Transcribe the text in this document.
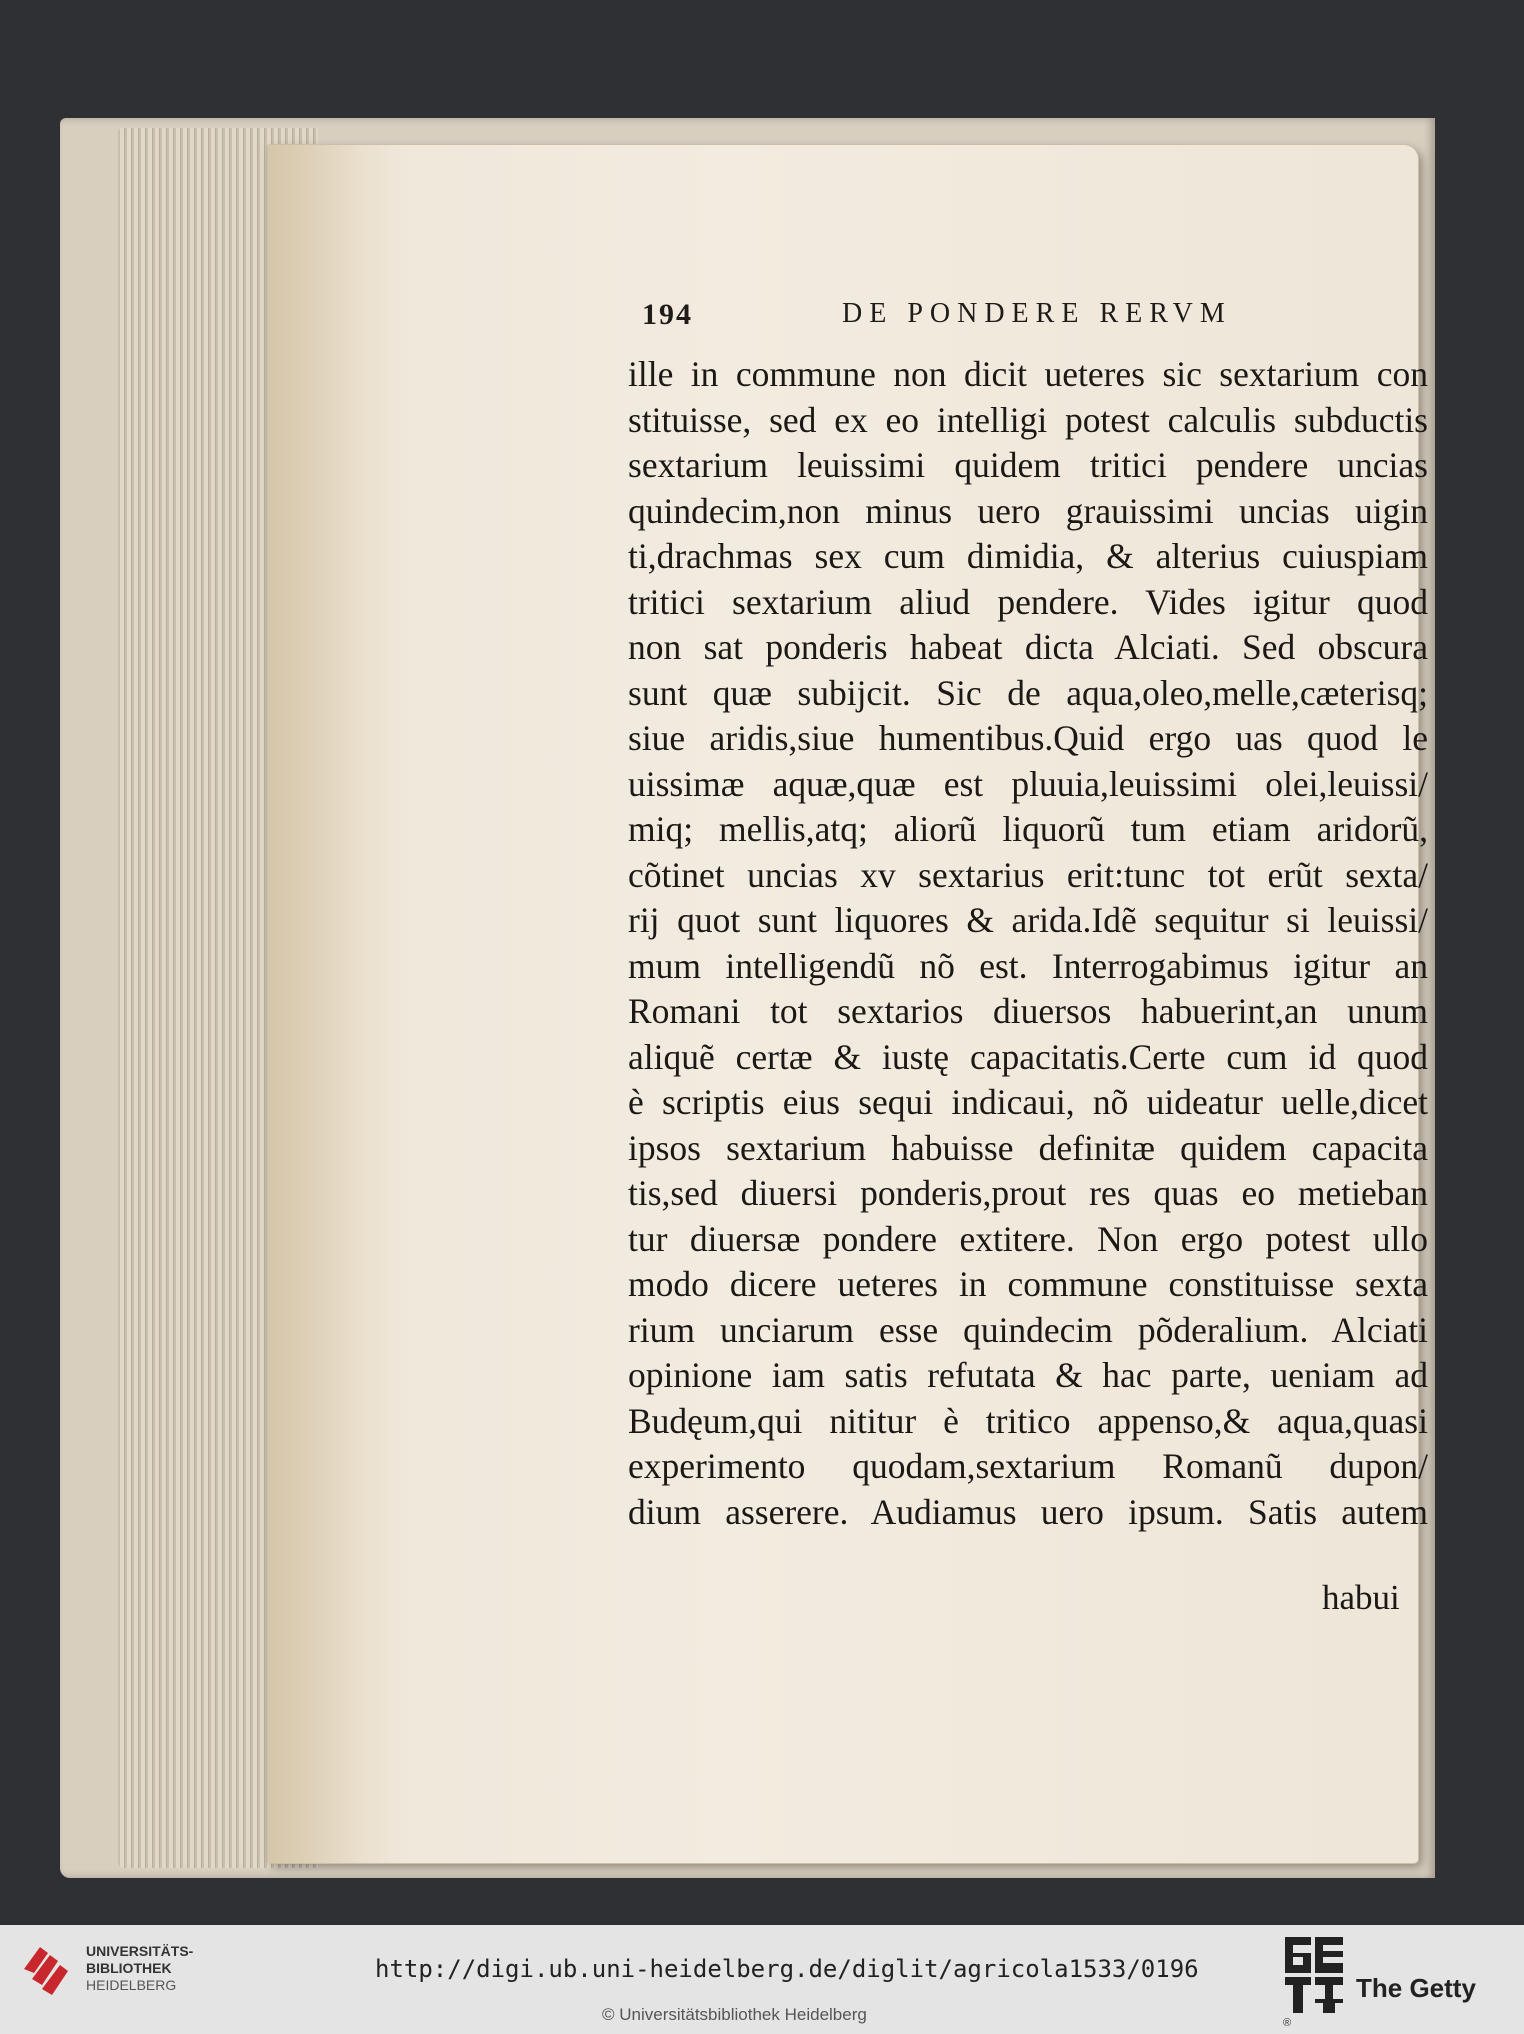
194	DE PONDERE RERVM
ille in commune non dicit ueteres sic sextarium con
stituisse, sed ex eo intelligi potest calculis subductis
sextarium leuissimi quidem tritici pendere uncias
quindecim,non minus uero grauissimi uncias uigin
ti,drachmas sex cum dimidia, & alterius cuiuspiam
tritici sextarium aliud pendere. Vides igitur quod
non sat ponderis habeat dicta Alciati. Sed obscura
sunt quæ subijcit. Sic de aqua,oleo,melle,cæterisq;
siue aridis,siue humentibus.Quid ergo uas quod le
uissimæ aquæ,quæ est pluuia,leuissimi olei,leuissi/
miq; mellis,atq; aliorũ liquorũ tum etiam aridorũ,
cõtinet uncias xv sextarius erit:tunc tot erũt sexta/
rij quot sunt liquores & arida.Idẽ sequitur si leuissi/
mum intelligendũ nõ est. Interrogabimus igitur an
Romani tot sextarios diuersos habuerint,an unum
aliquẽ certæ & iustę capacitatis.Certe cum id quod
è scriptis eius sequi indicaui, nõ uideatur uelle,dicet
ipsos sextarium habuisse definitæ quidem capacita
tis,sed diuersi ponderis,prout res quas eo metieban
tur diuersæ pondere extitere. Non ergo potest ullo
modo dicere ueteres in commune constituisse sexta
rium unciarum esse quindecim põderalium. Alciati
opinione iam satis refutata & hac parte, ueniam ad
Budęum,qui nititur è tritico appenso,& aqua,quasi
experimento quodam,sextarium Romanũ dupon/
dium asserere. Audiamus uero ipsum. Satis autem
habui
UNIVERSITÄTS-
BIBLIOTHEK
HEIDELBERG
http://digi.ub.uni-heidelberg.de/diglit/agricola1533/0196
© Universitätsbibliothek Heidelberg	®
The Getty
